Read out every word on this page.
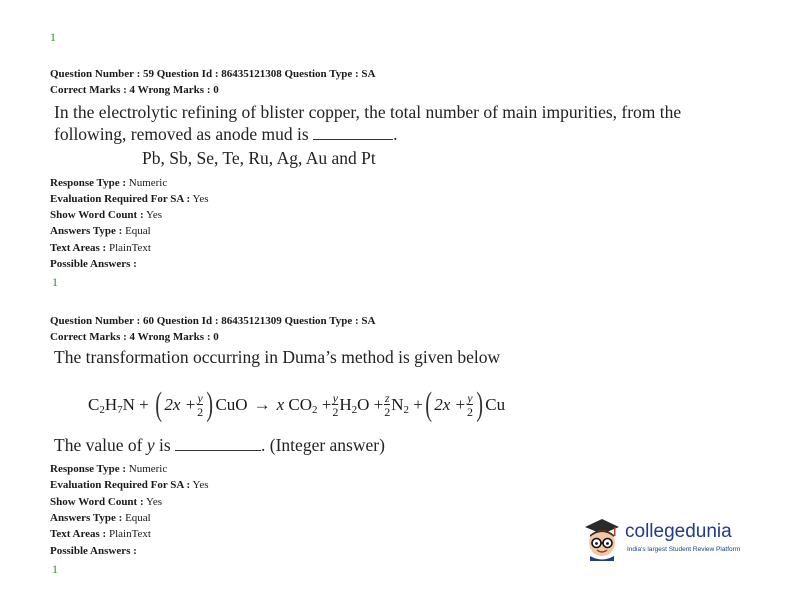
1
Question Number : 59 Question Id : 86435121308 Question Type : SA
Correct Marks : 4 Wrong Marks : 0
In the electrolytic refining of blister copper, the total number of main impurities, from the
following, removed as anode mud is	.
Pb, Sb, Se, Te, Ru, Ag, Au and Pt
Response Type : Numeric
Evaluation Required For SA : Yes
Show Word Count : Yes
Answers Type : Equal
Text Areas : PlainText
Possible Answers :
1
Question Number : 60 Question Id : 86435121309 Question Type : SA
Correct Marks : 4 Wrong Marks : 0
The transformation occurring in Duma’s method is given below
$C_2H_7N$ + ( $2x + \frac{y}{2}$ ) CuO → x $CO_2 + \frac{y}{2} H_2O + \frac{z}{2} N_2$ + ( $2x + \frac{y}{2}$ ) Cu
The value of y is	. (Integer answer)
Response Type : Numeric
Evaluation Required For SA : Yes
Show Word Count : Yes
Answers Type : Equal
Text Areas : PlainText
Possible Answers :
1
collegedunia
India's largest Student Review Platform
